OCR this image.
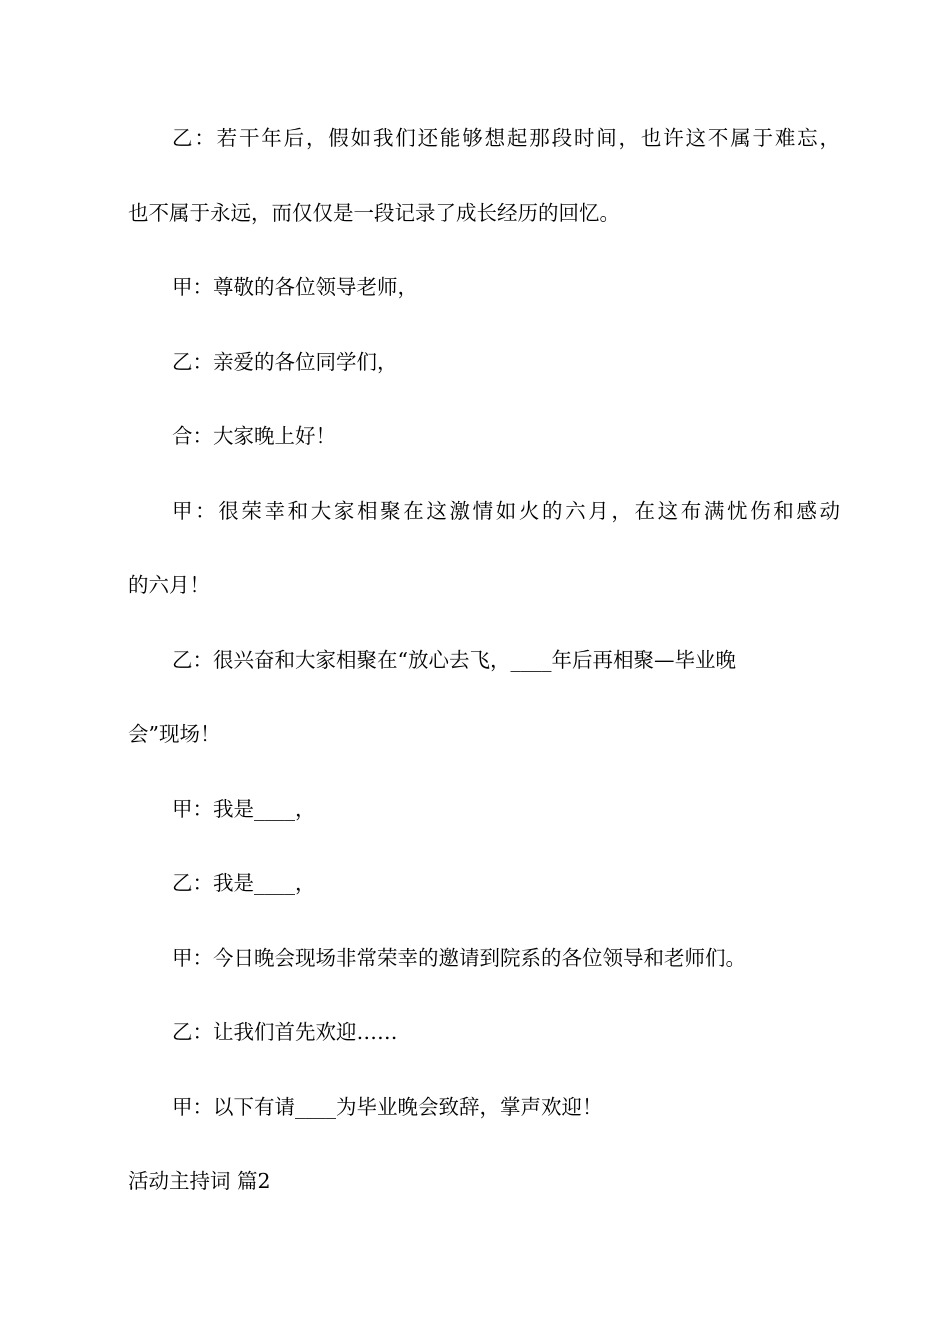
乙：若干年后，假如我们还能够想起那段时间，也许这不属于难忘，
也不属于永远，而仅仅是一段记录了成长经历的回忆。
甲：尊敬的各位领导老师，
乙：亲爱的各位同学们，
合：大家晚上好！
甲：很荣幸和大家相聚在这激情如火的六月，在这布满忧伤和感动
的六月！
乙：很兴奋和大家相聚在“放心去飞，____年后再相聚—毕业晚
会”现场！
甲：我是____，
乙：我是____，
甲：今日晚会现场非常荣幸的邀请到院系的各位领导和老师们。
乙：让我们首先欢迎……
甲：以下有请____为毕业晚会致辞，掌声欢迎！
活动主持词 篇2
